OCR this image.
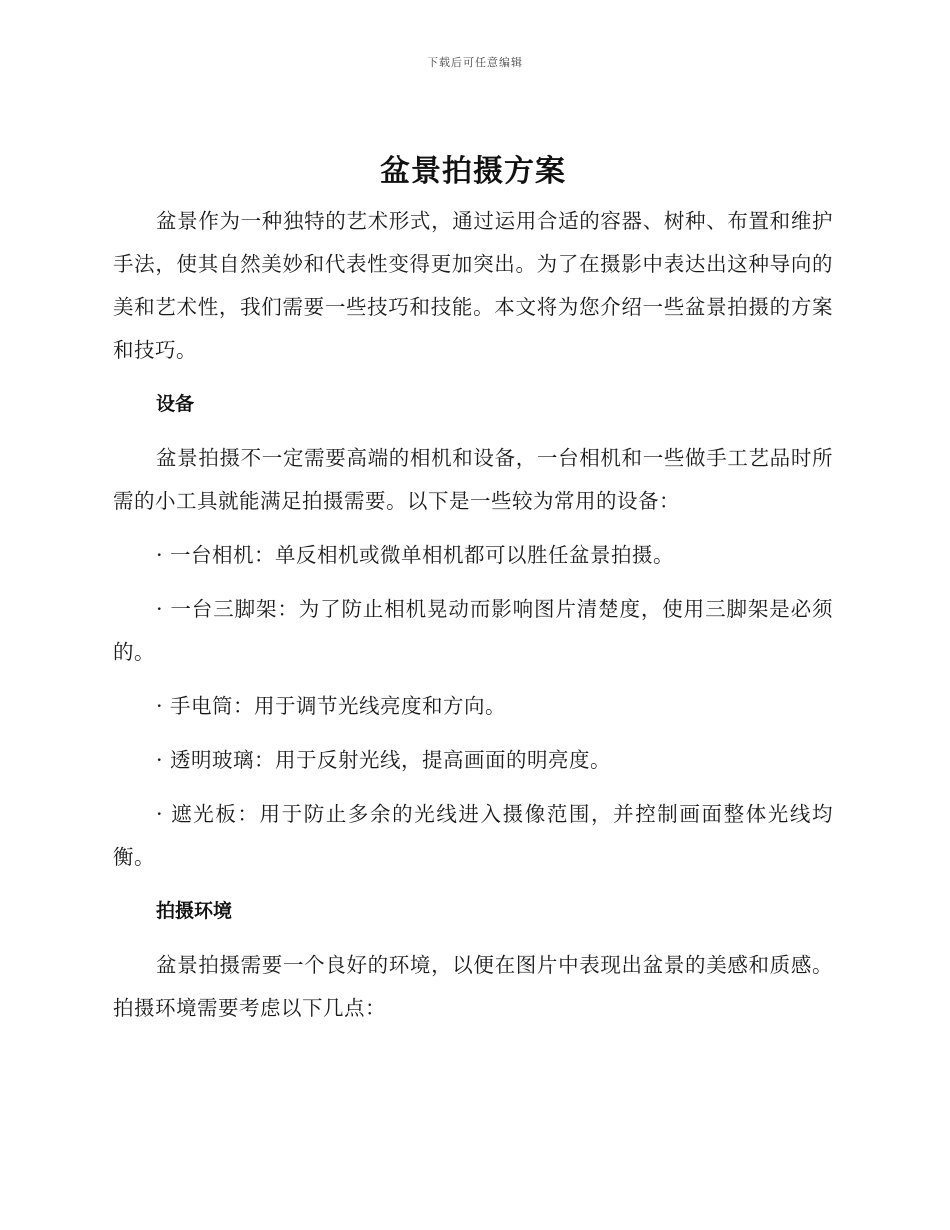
下载后可任意编辑
盆景拍摄方案

盆景作为一种独特的艺术形式，通过运用合适的容器、树种、布置和维护手法，使其自然美妙和代表性变得更加突出。为了在摄影中表达出这种导向的美和艺术性，我们需要一些技巧和技能。本文将为您介绍一些盆景拍摄的方案和技巧。

设备

盆景拍摄不一定需要高端的相机和设备，一台相机和一些做手工艺品时所需的小工具就能满足拍摄需要。以下是一些较为常用的设备：

· 一台相机：单反相机或微单相机都可以胜任盆景拍摄。

· 一台三脚架：为了防止相机晃动而影响图片清楚度，使用三脚架是必须的。

· 手电筒：用于调节光线亮度和方向。

· 透明玻璃：用于反射光线，提高画面的明亮度。

· 遮光板：用于防止多余的光线进入摄像范围，并控制画面整体光线均衡。

拍摄环境

盆景拍摄需要一个良好的环境，以便在图片中表现出盆景的美感和质感。拍摄环境需要考虑以下几点：
